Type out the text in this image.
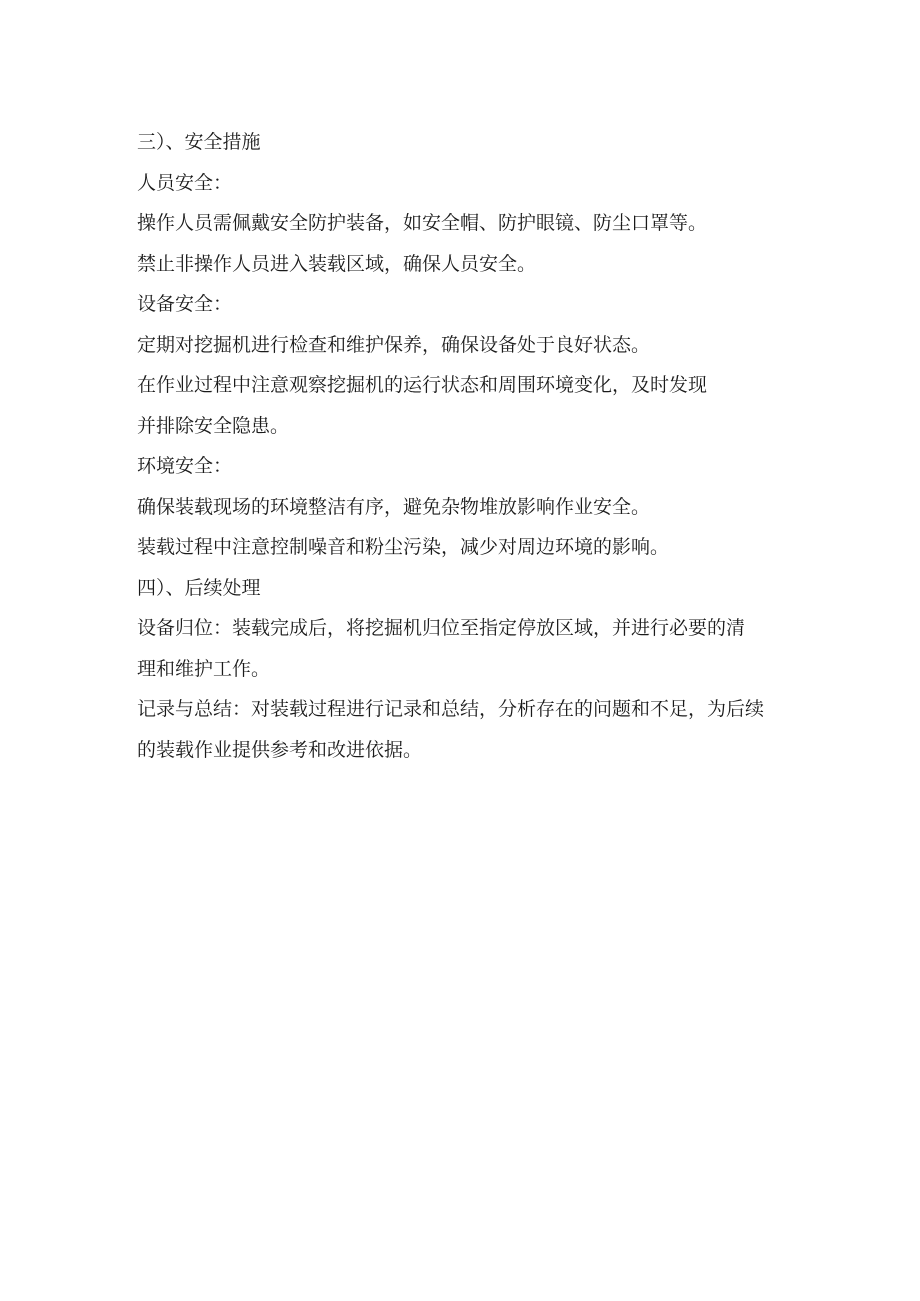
三）、安全措施

人员安全：

操作人员需佩戴安全防护装备，如安全帽、防护眼镜、防尘口罩等。

禁止非操作人员进入装载区域，确保人员安全。

设备安全：

定期对挖掘机进行检查和维护保养，确保设备处于良好状态。

在作业过程中注意观察挖掘机的运行状态和周围环境变化，及时发现

并排除安全隐患。

环境安全：

确保装载现场的环境整洁有序，避免杂物堆放影响作业安全。

装载过程中注意控制噪音和粉尘污染，减少对周边环境的影响。

四）、后续处理

设备归位：装载完成后，将挖掘机归位至指定停放区域，并进行必要的清

理和维护工作。

记录与总结：对装载过程进行记录和总结，分析存在的问题和不足，为后续

的装载作业提供参考和改进依据。
